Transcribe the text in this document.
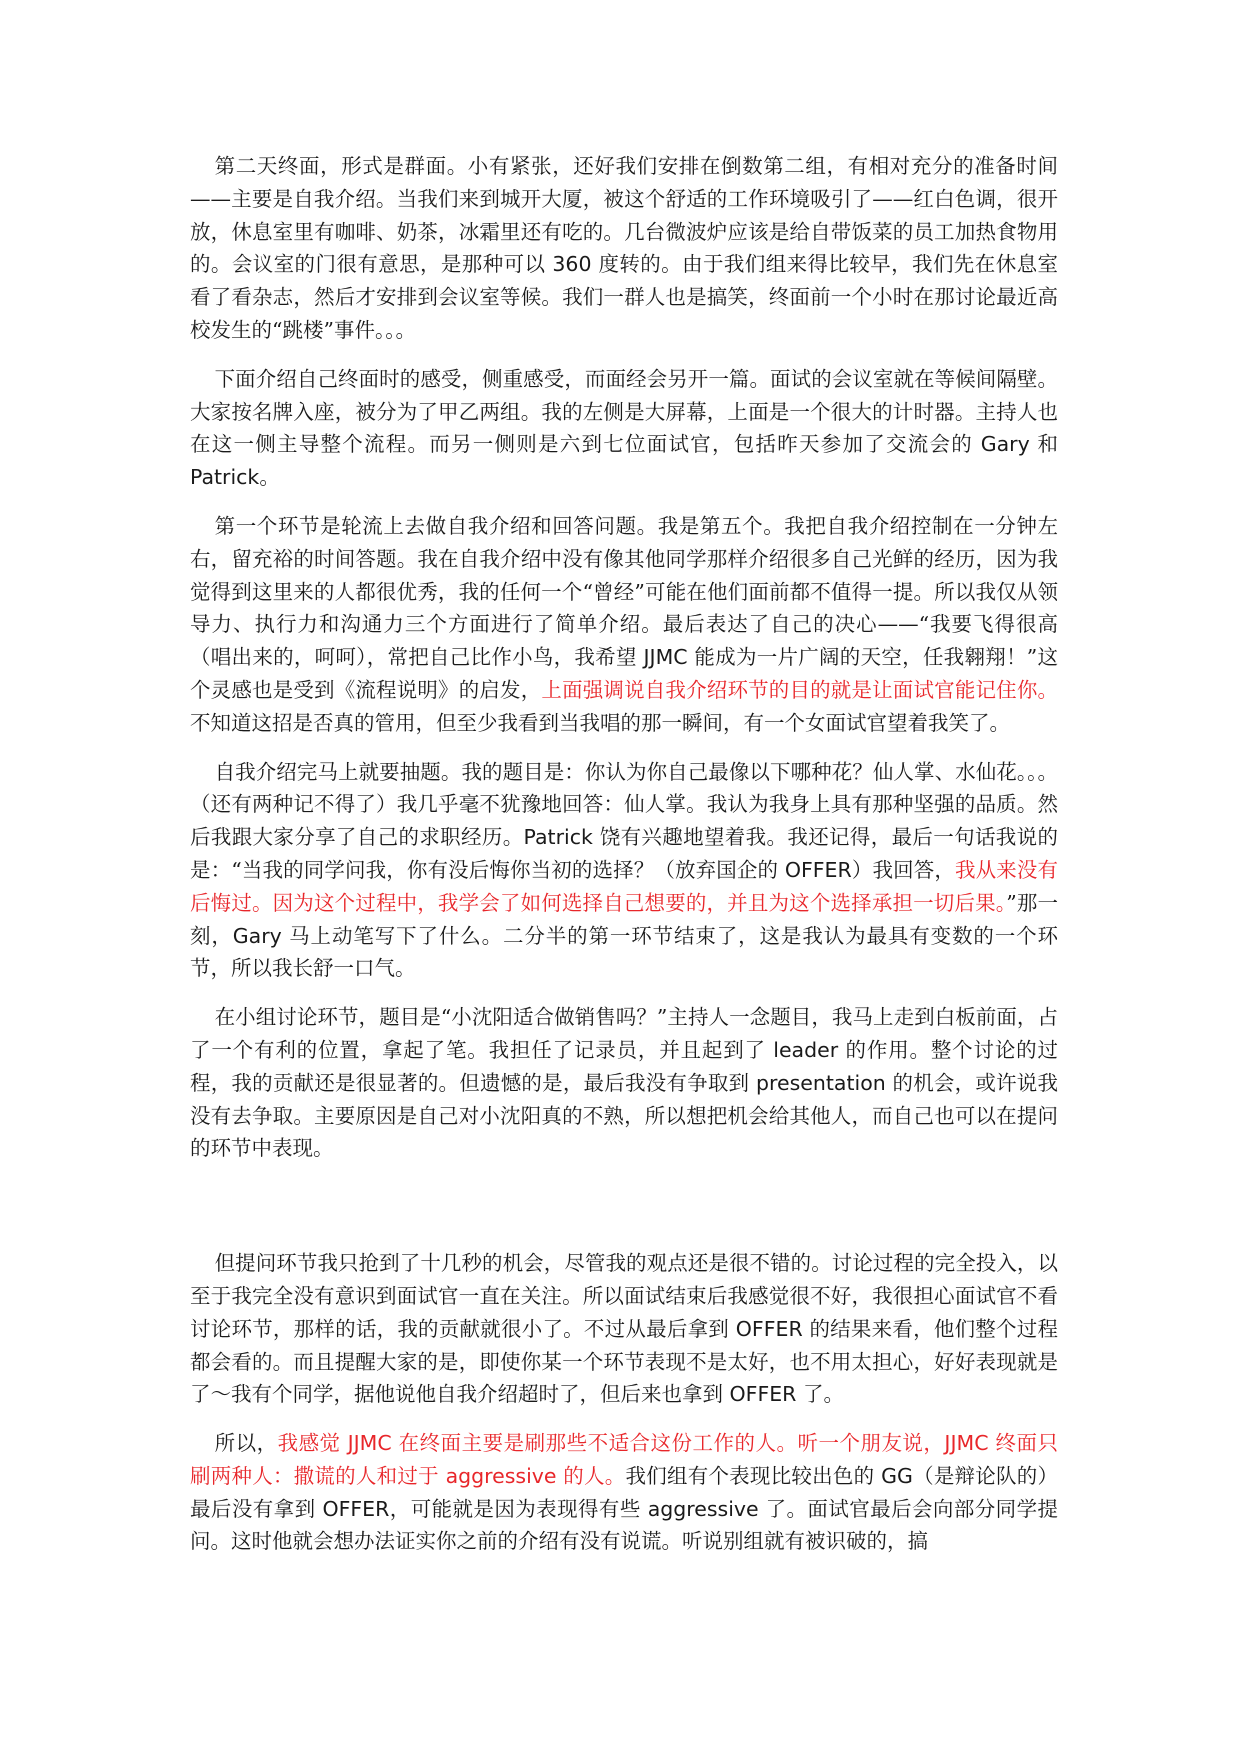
第二天终面，形式是群面。小有紧张，还好我们安排在倒数第二组，有相对充分的准备时间——主要是自我介绍。当我们来到城开大厦，被这个舒适的工作环境吸引了——红白色调，很开放，休息室里有咖啡、奶茶，冰霜里还有吃的。几台微波炉应该是给自带饭菜的员工加热食物用的。会议室的门很有意思，是那种可以 360 度转的。由于我们组来得比较早，我们先在休息室看了看杂志，然后才安排到会议室等候。我们一群人也是搞笑，终面前一个小时在那讨论最近高校发生的“跳楼”事件。。。

下面介绍自己终面时的感受，侧重感受，而面经会另开一篇。面试的会议室就在等候间隔壁。大家按名牌入座，被分为了甲乙两组。我的左侧是大屏幕，上面是一个很大的计时器。主持人也在这一侧主导整个流程。而另一侧则是六到七位面试官，包括昨天参加了交流会的 Gary 和 Patrick。

第一个环节是轮流上去做自我介绍和回答问题。我是第五个。我把自我介绍控制在一分钟左右，留充裕的时间答题。我在自我介绍中没有像其他同学那样介绍很多自己光鲜的经历，因为我觉得到这里来的人都很优秀，我的任何一个“曾经”可能在他们面前都不值得一提。所以我仅从领导力、执行力和沟通力三个方面进行了简单介绍。最后表达了自己的决心——“我要飞得很高（唱出来的，呵呵），常把自己比作小鸟，我希望 JJMC 能成为一片广阔的天空，任我翱翔！”这个灵感也是受到《流程说明》的启发，上面强调说自我介绍环节的目的就是让面试官能记住你。不知道这招是否真的管用，但至少我看到当我唱的那一瞬间，有一个女面试官望着我笑了。

自我介绍完马上就要抽题。我的题目是：你认为你自己最像以下哪种花？仙人掌、水仙花。。。（还有两种记不得了）我几乎毫不犹豫地回答：仙人掌。我认为我身上具有那种坚强的品质。然后我跟大家分享了自己的求职经历。Patrick 饶有兴趣地望着我。我还记得，最后一句话我说的是：“当我的同学问我，你有没后悔你当初的选择？（放弃国企的 OFFER）我回答，我从来没有后悔过。因为这个过程中，我学会了如何选择自己想要的，并且为这个选择承担一切后果。”那一刻，Gary 马上动笔写下了什么。二分半的第一环节结束了，这是我认为最具有变数的一个环节，所以我长舒一口气。

在小组讨论环节，题目是“小沈阳适合做销售吗？”主持人一念题目，我马上走到白板前面，占了一个有利的位置，拿起了笔。我担任了记录员，并且起到了 leader 的作用。整个讨论的过程，我的贡献还是很显著的。但遗憾的是，最后我没有争取到 presentation 的机会，或许说我没有去争取。主要原因是自己对小沈阳真的不熟，所以想把机会给其他人，而自己也可以在提问的环节中表现。

但提问环节我只抢到了十几秒的机会，尽管我的观点还是很不错的。讨论过程的完全投入，以至于我完全没有意识到面试官一直在关注。所以面试结束后我感觉很不好，我很担心面试官不看讨论环节，那样的话，我的贡献就很小了。不过从最后拿到 OFFER 的结果来看，他们整个过程都会看的。而且提醒大家的是，即使你某一个环节表现不是太好，也不用太担心，好好表现就是了～我有个同学，据他说他自我介绍超时了，但后来也拿到 OFFER 了。

所以，我感觉 JJMC 在终面主要是刷那些不适合这份工作的人。听一个朋友说，JJMC 终面只刷两种人：撒谎的人和过于 aggressive 的人。我们组有个表现比较出色的 GG（是辩论队的）最后没有拿到 OFFER，可能就是因为表现得有些 aggressive 了。面试官最后会向部分同学提问。这时他就会想办法证实你之前的介绍有没有说谎。听说别组就有被识破的，搞
